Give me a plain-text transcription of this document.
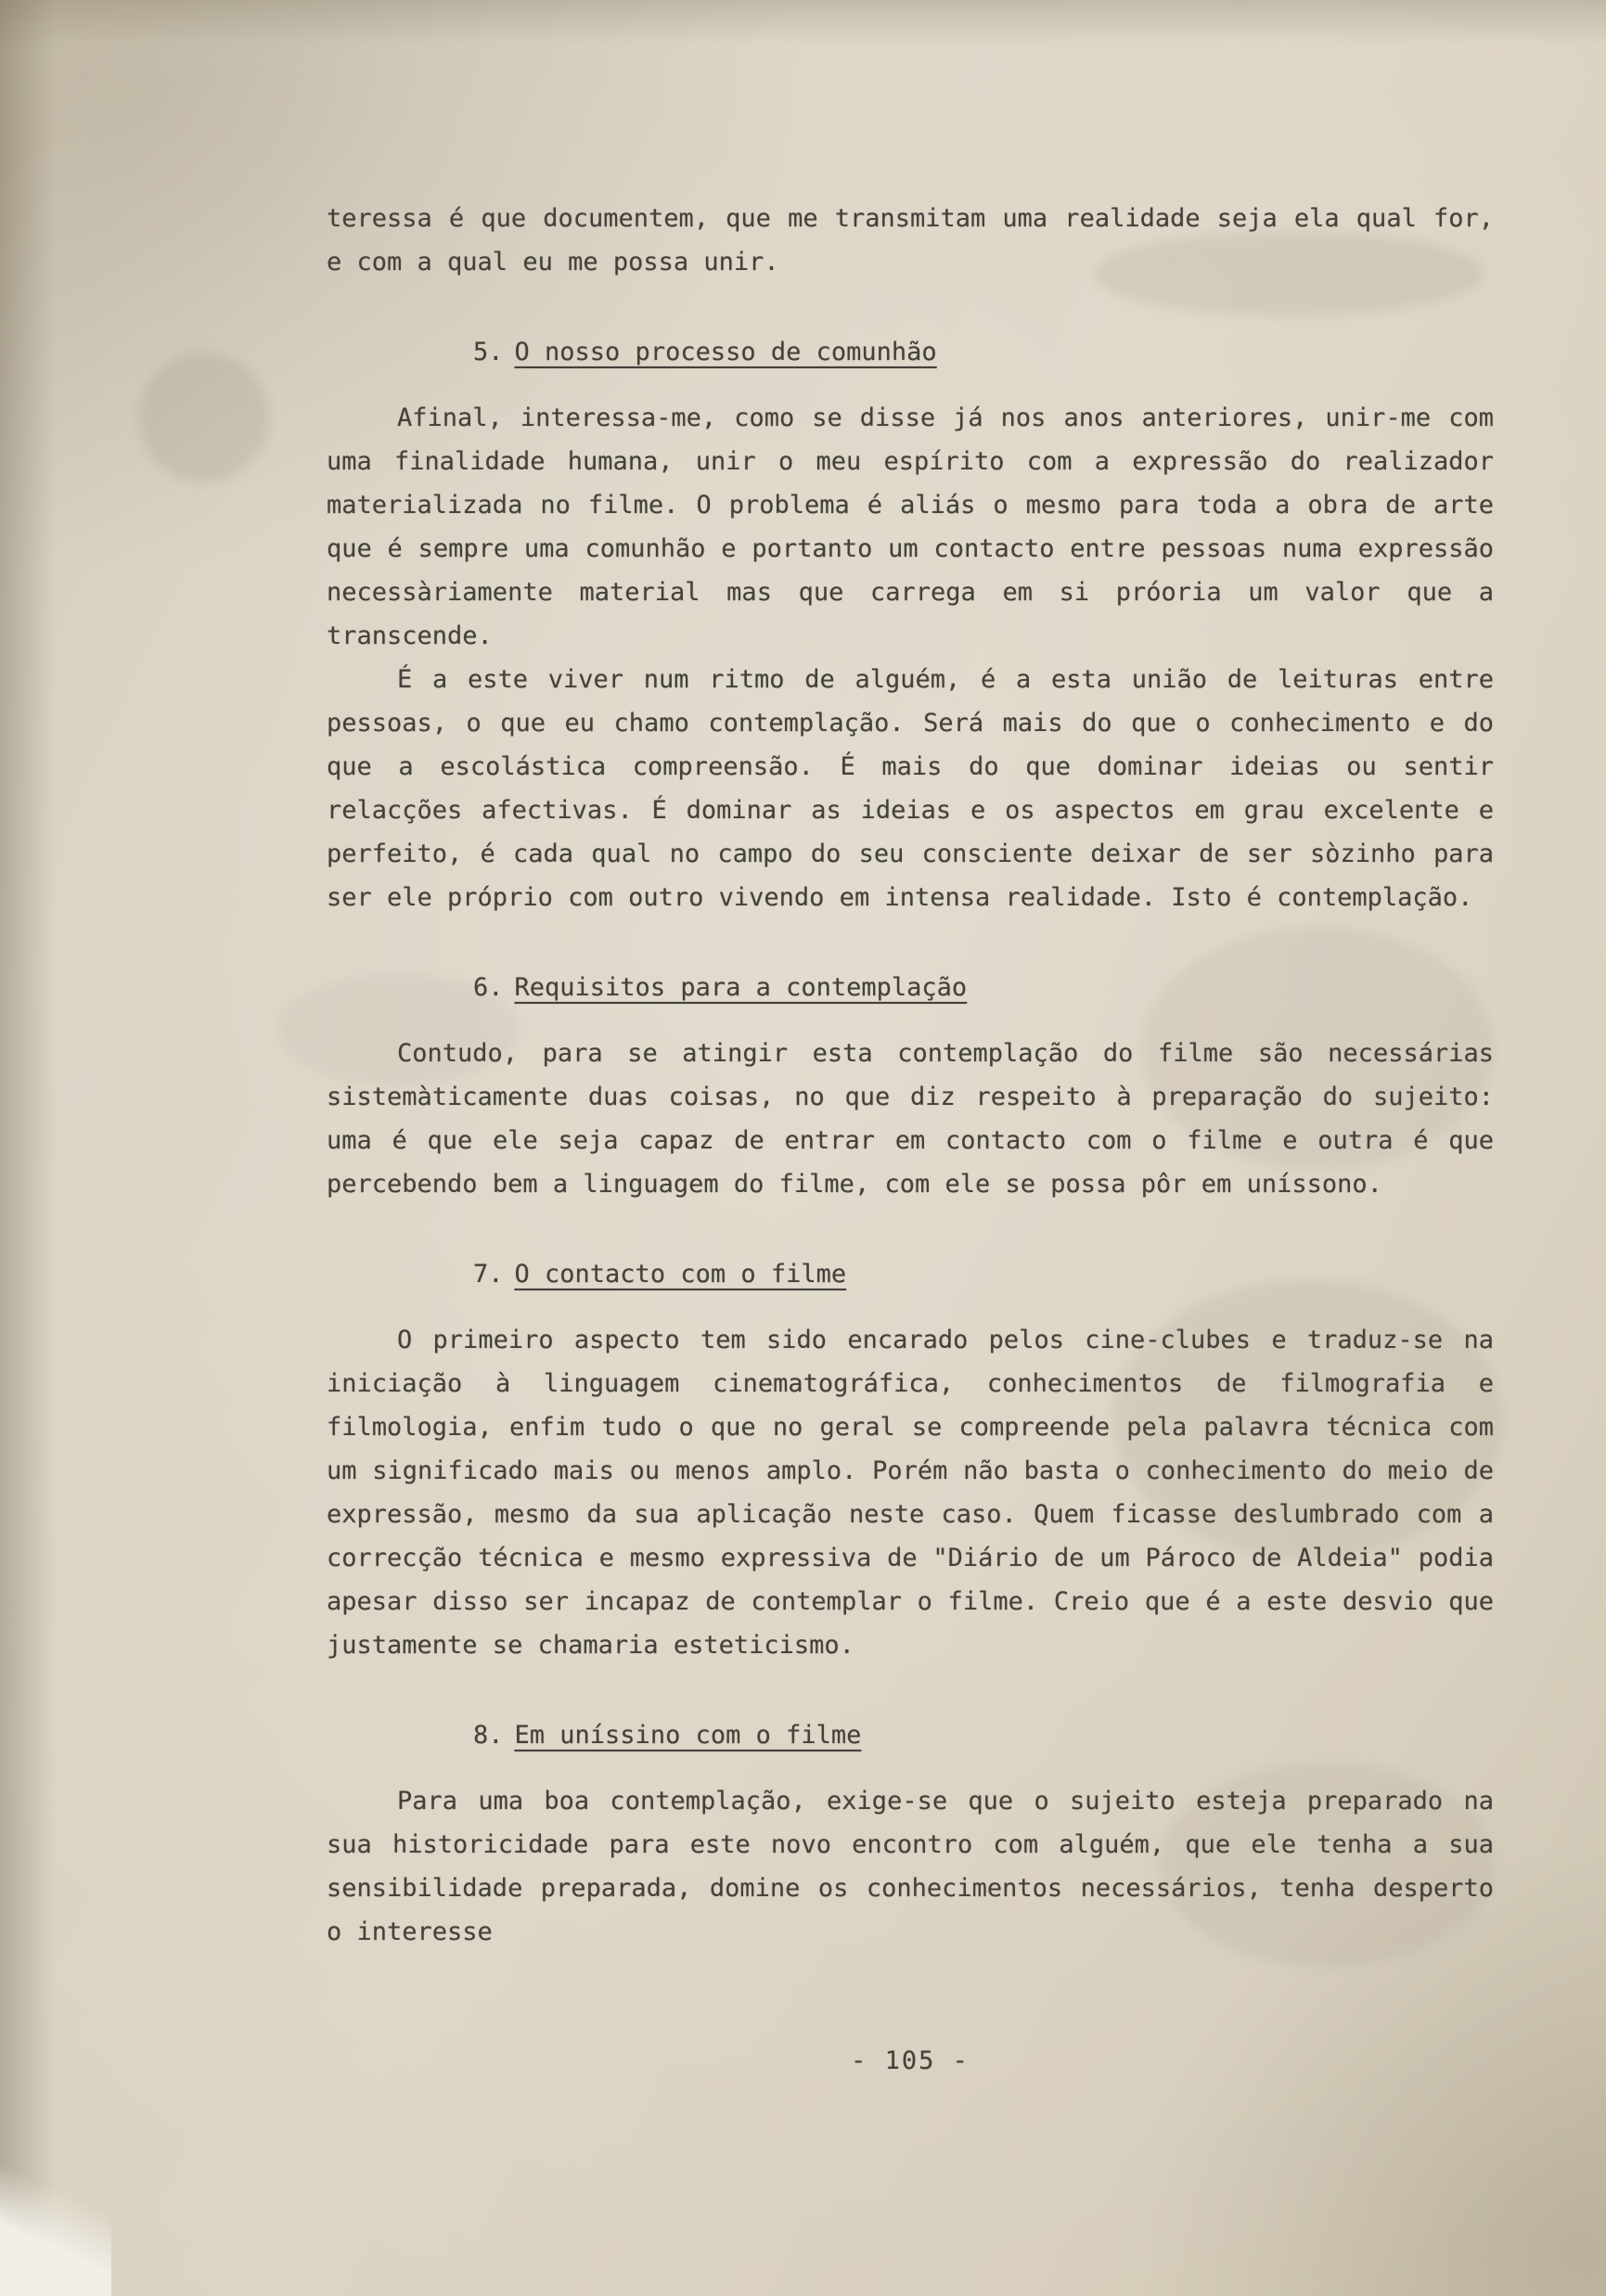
teressa é que documentem, que me transmitam uma realidade seja ela qual for, e com a qual eu me possa unir.

5. O nosso processo de comunhão

Afinal, interessa-me, como se disse já nos anos anteriores, unir-me com uma finalidade humana, unir o meu espírito com a expressão do realizador materializada no filme. O problema é aliás o mesmo para toda a obra de arte que é sempre uma comunhão e portanto um contacto entre pessoas numa expressão necessàriamente material mas que carrega em si próoria um valor que a transcende.

É a este viver num ritmo de alguém, é a esta união de leituras entre pessoas, o que eu chamo contemplação. Será mais do que o conhecimento e do que a escolástica compreensão. É mais do que dominar ideias ou sentir relacções afectivas. É dominar as ideias e os aspectos em grau excelente e perfeito, é cada qual no campo do seu consciente deixar de ser sòzinho para ser ele próprio com outro vivendo em intensa realidade. Isto é contemplação.

6. Requisitos para a contemplação

Contudo, para se atingir esta contemplação do filme são necessárias sistemàticamente duas coisas, no que diz respeito à preparação do sujeito: uma é que ele seja capaz de entrar em contacto com o filme e outra é que percebendo bem a linguagem do filme, com ele se possa pôr em uníssono.

7. O contacto com o filme

O primeiro aspecto tem sido encarado pelos cine-clubes e traduz-se na iniciação à linguagem cinematográfica, conhecimentos de filmografia e filmologia, enfim tudo o que no geral se compreende pela palavra técnica com um significado mais ou menos amplo. Porém não basta o conhecimento do meio de expressão, mesmo da sua aplicação neste caso. Quem ficasse deslumbrado com a correcção técnica e mesmo expressiva de "Diário de um Pároco de Aldeia" podia apesar disso ser incapaz de contemplar o filme. Creio que é a este desvio que justamente se chamaria esteticismo.

8. Em uníssino com o filme

Para uma boa contemplação, exige-se que o sujeito esteja preparado na sua historicidade para este novo encontro com alguém, que ele tenha a sua sensibilidade preparada, domine os conhecimentos necessários, tenha desperto o interesse

- 105 -
